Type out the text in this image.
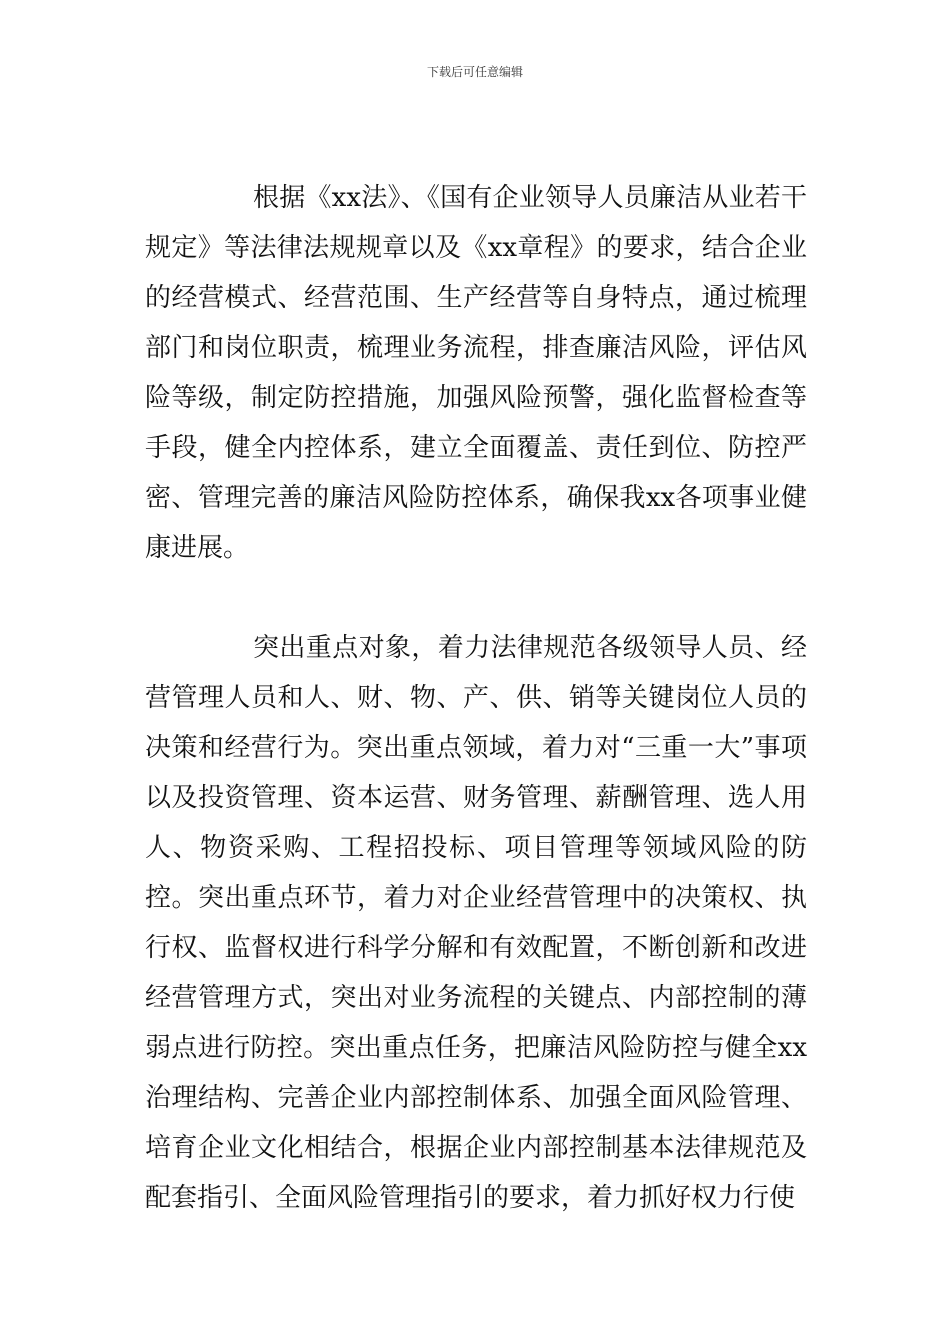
下载后可任意编辑

根据《xx法》、《国有企业领导人员廉洁从业若干规定》等法律法规规章以及《xx章程》的要求，结合企业的经营模式、经营范围、生产经营等自身特点，通过梳理部门和岗位职责，梳理业务流程，排查廉洁风险，评估风险等级，制定防控措施，加强风险预警，强化监督检查等手段，健全内控体系，建立全面覆盖、责任到位、防控严密、管理完善的廉洁风险防控体系，确保我xx各项事业健康进展。

突出重点对象，着力法律规范各级领导人员、经营管理人员和人、财、物、产、供、销等关键岗位人员的决策和经营行为。突出重点领域，着力对“三重一大”事项以及投资管理、资本运营、财务管理、薪酬管理、选人用人、物资采购、工程招投标、项目管理等领域风险的防控。突出重点环节，着力对企业经营管理中的决策权、执行权、监督权进行科学分解和有效配置，不断创新和改进经营管理方式，突出对业务流程的关键点、内部控制的薄弱点进行防控。突出重点任务，把廉洁风险防控与健全xx治理结构、完善企业内部控制体系、加强全面风险管理、培育企业文化相结合，根据企业内部控制基本法律规范及配套指引、全面风险管理指引的要求，着力抓好权力行使
